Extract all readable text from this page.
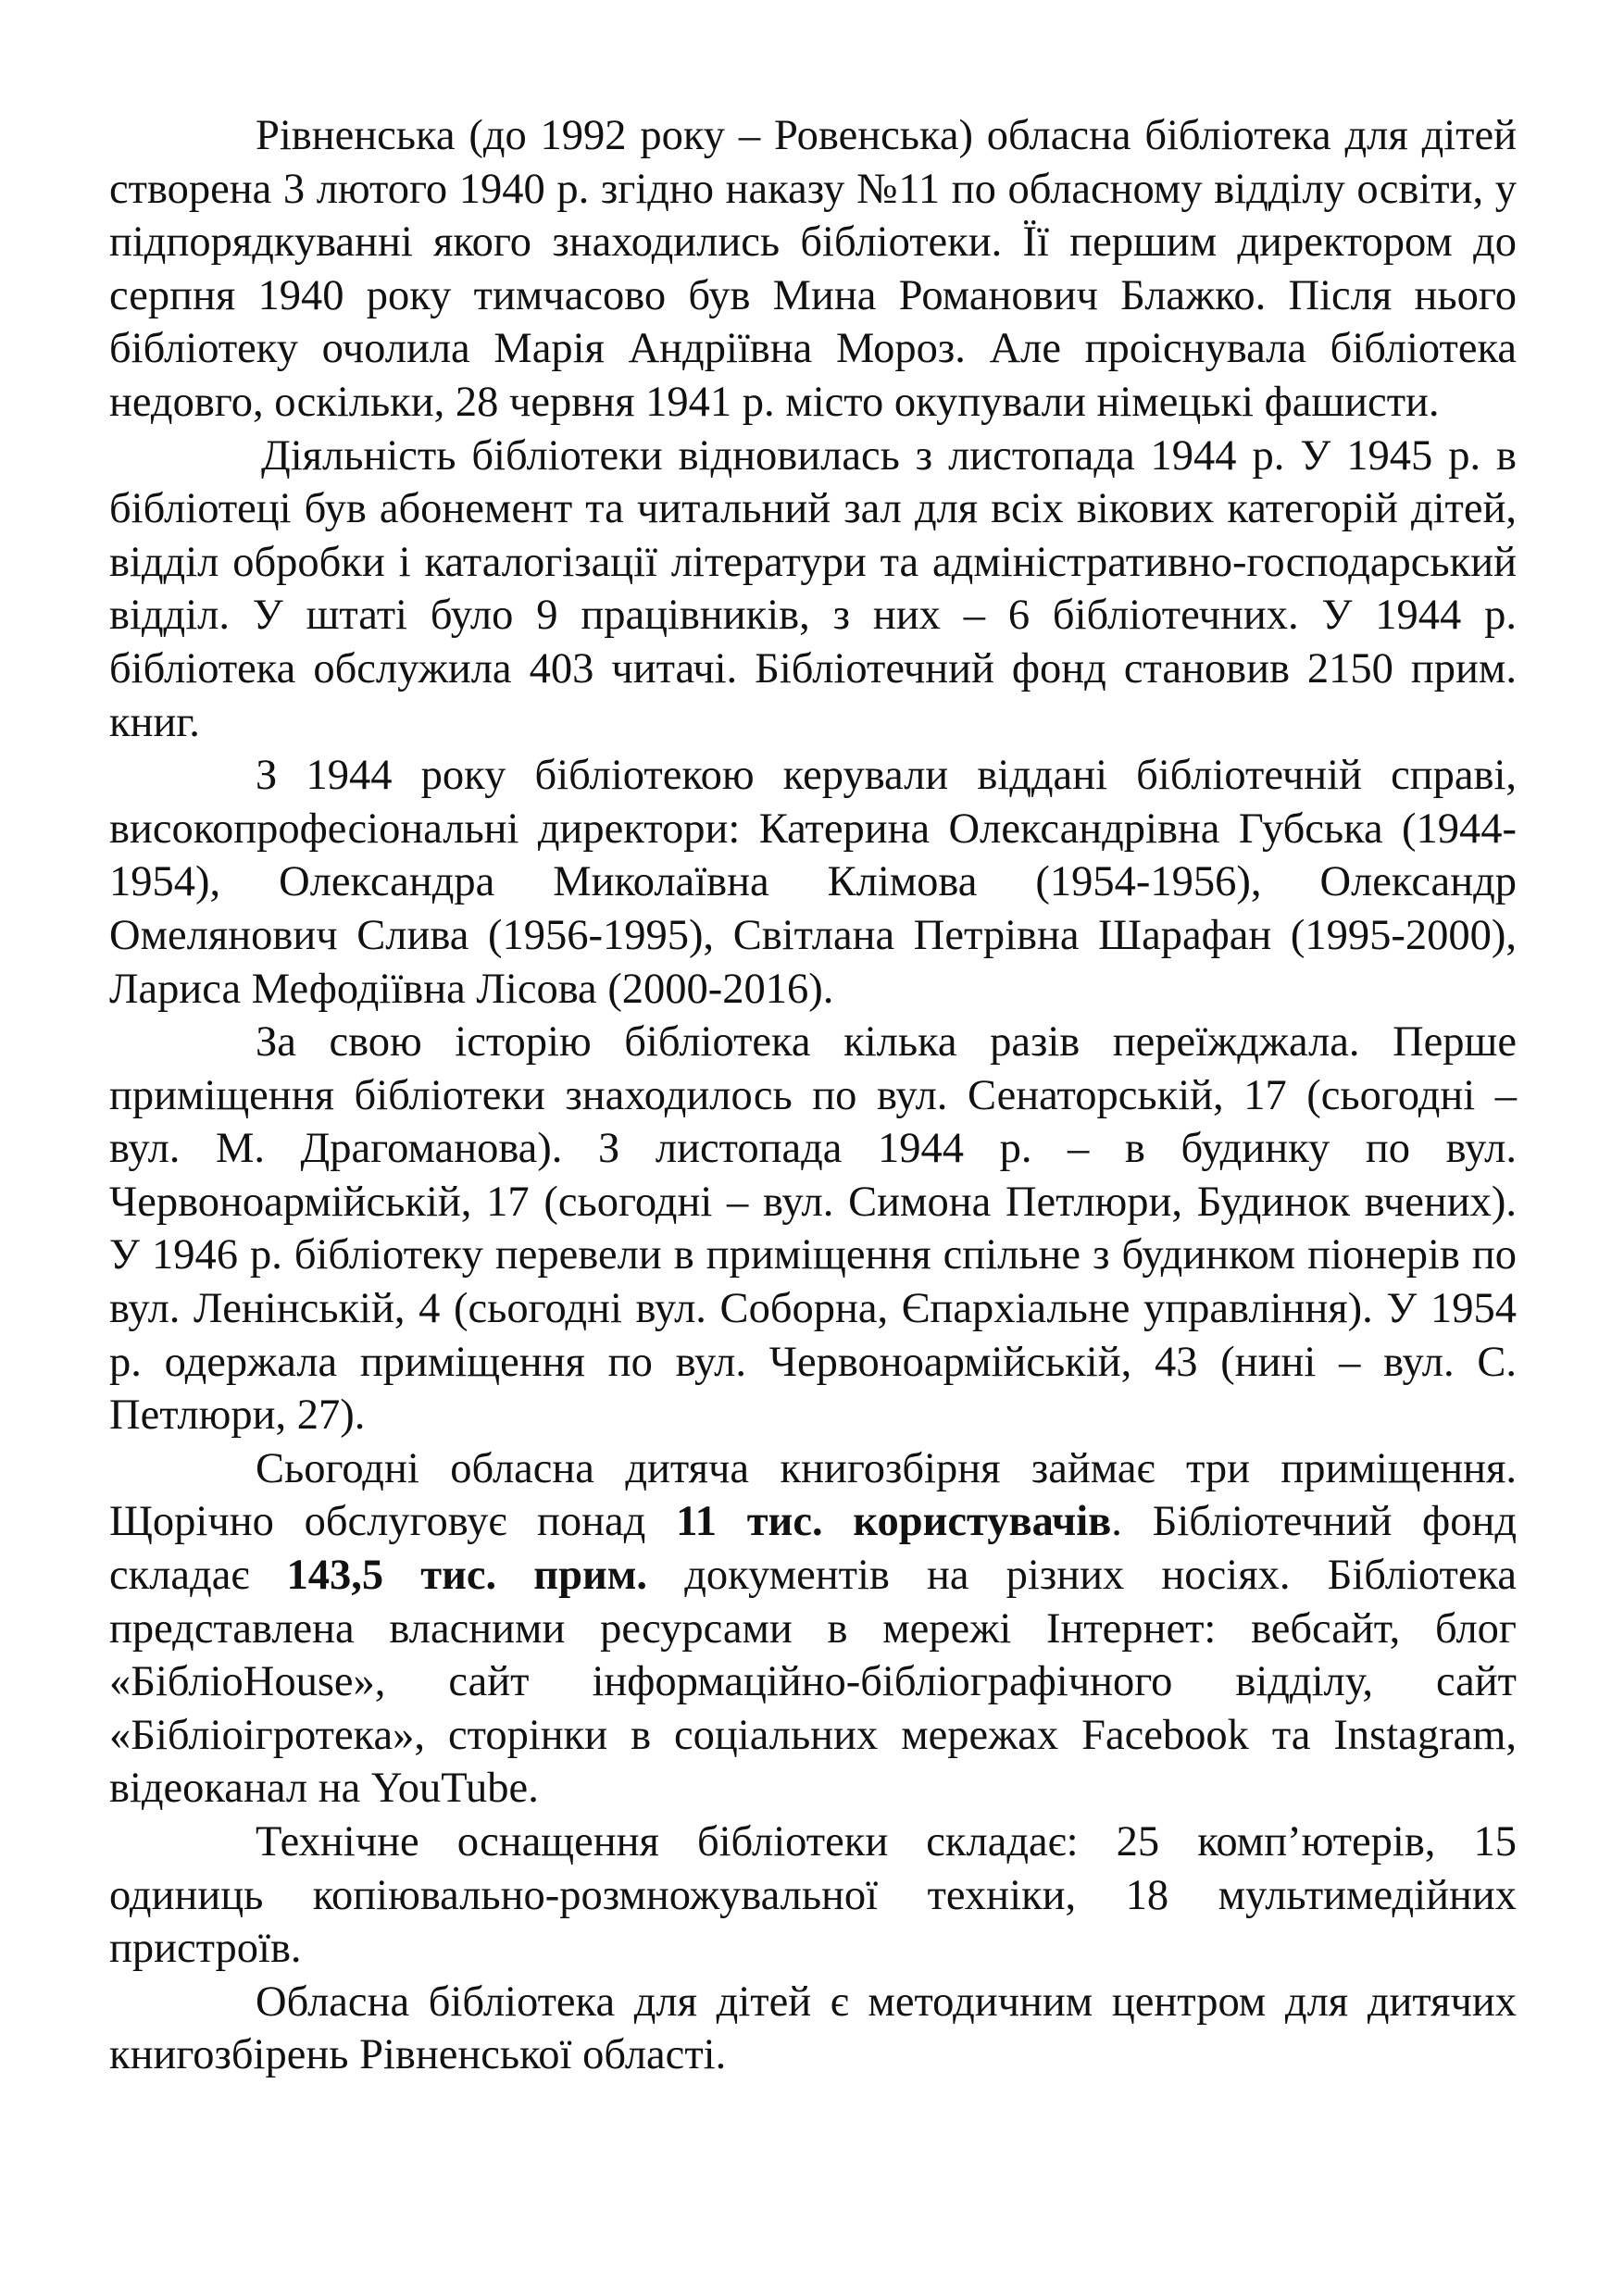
Рівненська (до 1992 року – Ровенська) обласна бібліотека для дітей створена 3 лютого 1940 р. згідно наказу №11 по обласному відділу освіти, у підпорядкуванні якого знаходились бібліотеки. Її першим директором до серпня 1940 року тимчасово був Мина Романович Блажко. Після нього бібліотеку очолила Марія Андріївна Мороз. Але проіснувала бібліотека недовго, оскільки, 28 червня 1941 р. місто окупували німецькі фашисти.

Діяльність бібліотеки відновилась з листопада 1944 р. У 1945 р. в бібліотеці був абонемент та читальний зал для всіх вікових категорій дітей, відділ обробки і каталогізації літератури та адміністративно-господарський відділ. У штаті було 9 працівників, з них – 6 бібліотечних. У 1944 р. бібліотека обслужила 403 читачі. Бібліотечний фонд становив 2150 прим. книг.

З 1944 року бібліотекою керували віддані бібліотечній справі, високопрофесіональні директори: Катерина Олександрівна Губська (1944-1954), Олександра Миколаївна Клімова (1954-1956), Олександр Омелянович Слива (1956-1995), Світлана Петрівна Шарафан (1995-2000), Лариса Мефодіївна Лісова (2000-2016).

За свою історію бібліотека кілька разів переїжджала. Перше приміщення бібліотеки знаходилось по вул. Сенаторській, 17 (сьогодні – вул. М. Драгоманова). З листопада 1944 р. – в будинку по вул. Червоноармійській, 17 (сьогодні – вул. Симона Петлюри, Будинок вчених). У 1946 р. бібліотеку перевели в приміщення спільне з будинком піонерів по вул. Ленінській, 4 (сьогодні вул. Соборна, Єпархіальне управління). У 1954 р. одержала приміщення по вул. Червоноармійській, 43 (нині – вул. С. Петлюри, 27).

Сьогодні обласна дитяча книгозбірня займає три приміщення. Щорічно обслуговує понад 11 тис. користувачів. Бібліотечний фонд складає 143,5 тис. прим. документів на різних носіях. Бібліотека представлена власними ресурсами в мережі Інтернет: вебсайт, блог «БібліоHouse», сайт інформаційно-бібліографічного відділу, сайт «Бібліоігротека», сторінки в соціальних мережах Facebook та Instagram, відеоканал на YouTube.

Технічне оснащення бібліотеки складає: 25 комп’ютерів, 15 одиниць копіювально-розмножувальної техніки, 18 мультимедійних пристроїв.

Обласна бібліотека для дітей є методичним центром для дитячих книгозбірень Рівненської області.
